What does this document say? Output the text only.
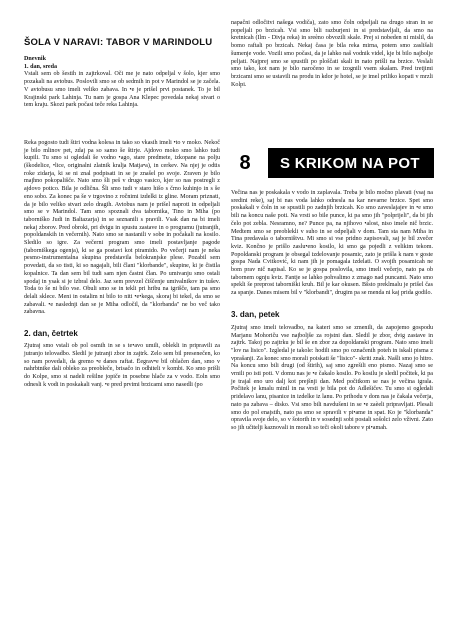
ŠOLA V NARAVI: TABOR V MARINDOLU

Dnevnik

1. dan, sreda

Vstali sem ob šestih in zajtrkoval. Oči me je nato odpeljal v šolo, kjer smo pozakali na avtobus. Poslovili smo se ob sedmih in pot v Marindol se je začela. V avtobusu smo imeli veliko zabava. In •e je prišel prvi postanek. To je bil Krajinski park Lahinja. Tu nam je gospa Ana Klepec povedala nekaj stvari o tem kraju. Skozi park počasi teče reka Lahinja.

Reka pogosto tudi štiri vodna kolesa in tako so vkasih imeli •to v moko. Nekoč je bilo mlinov pet, zdaj pa so samo še štirje. Ajdovo moko smo lahko tudi kupili. Tu smo si ogledali še vodno •ago, stare predmete, izkopane na polju (škodelice, •lice, originalni zlatnik kralja Matja•a), in cerkev. Na njej je odtis roke zidarja, ki se ni znal podpisati in se je znašel po svoje. Zraven je bilo majhno pokopališče. Nato smo šli peš v drugo vasico, kjer so nas postregli z ajdovo potico. Bila je odlična. Šli smo tudi v staro hišo s črno kuhinjo in s še eno sobo. Za konec pa še v trgovino z ročnimi izdelki iz gline. Moram priznati, da je bilo veliko stvari zelo dragih. Avtobus nam je prišel naproti in odpeljali smo se v Marindol. Tam smo spoznali dva tabornika, Tino in Miha (po taborniško Judi in Baltazarja) in se seznanili s pravili. Vsak dan na bi imeli nekaj zborov. Pred obroki, pri dvigu in spustu zastave in o programu (jutranjih, popoldanskih in večernih). Nato smo se nastanili v sobe in počakali na kosilo. Sledilo so igre. Za večerni program smo imeli postavljanje pagode (taborniškega ogenja), ki se ga postavi kot piramido. Po večerji nam je neka pesmo-instrumentalna skupina predstavila belokranjske plese. Pozabil sem povedati, da so tisti, ki so nagajali, bili člani "klorbande", skupine, ki je čistila kopalnice. Ta dan sem bil tudi sam njen častni član. Po umivanju smo ostali spodaj in ysak si je izbral delo. Jaz sem prevzel čiščenje umivalnikov in tušev. Toda to še ni bilo vse. Obuli smo se in tekli pri hribu na igrišče, tam pa smo delali sklece. Meni in ostalim ni bilo to niti •e•kega, skoraj bi tekel, da smo se zabavali. •e naslednji dan se je Miha odločil, da "klorbanda" ne bo več tako zabavna.

2. dan, četrtek

Zjutraj smo vstali ob pol osmih in se s te•avo umili, oblekli in pripravili za jutranjo telovadbo. Sledil je jutranji zbor in zajtrk. Zelo sem bil presenečen, ko so nam povedali, da gremo •e danes raftat. Ёegrav•e bil oblačen dan, smo v nahrbtnike dali obleko za preobleče, brisačo in odhiteli v kombi. Ko smo prišli do Kolpe, smo si nadeli rešilne jopiče in posebne hlače za v vodo. Eoln smo odnesli k vodi in poskakali vanj. •e pred prvimi brzicami smo nasedli (po

napačni odločitvi našega vodiča), zato smo čoln odpeljali na drugo stran in se popeljali po brzicah. Vsi smo bili razburjeni in si predstavljali, da smo na kretnicah (Ilm - Divja reka) in sreèno obvozili skale. Prej si nobeden ni mislil, da bomo raftali po brzicah. Nekaj časa je bila reka mirna, potem smo zaslišali šumenje vode. Vozili smo počasi, da je lahko naš vodnik videl, kje bi bilo najbolje peljati. Najprej smo se spustili po ploščati skali in nato prišli na brzice. Veslali smo tako, kot nam je bilo naročeno in se izognili vsem skalam. Pred tretjimi brzicami smo se ustavili na produ in kdor je hotel, se je imel priliko kopati v mrzli Kolpi.

S KRIKOM NA POT
8

Večina nas je poskakala v vodo in zaplavala. Treba je bilo močno plavati (vsaj na sredini reke), saj bi nas voda lahko odnesla na kar nevarne brzice. Spet smo poskakali v čoln in se spustili po zadnjih brzicah. Ko smo zaveslajajev in •e smo bili na koncu naše poti. Na vrsti so bile punce, ki pa smo jih "polprijeli", da bi jih čelo pot zebla. Nesramno, ne? Punce pa, na njihovo •alost, niso imele nič brzic. Medtem smo se preoblekli v suho in se odpeljali v dom. Tam sta nam Miha in Tina predavala o taborništvu. Mi smo si vse pridno zapisovali, saj je bil zvečer kviz. Končno je prišlo zaslu•eno kosilo, ki smo ga pojedli z velikim tekom. Popoldanski program je obsegal izdelovanje posamic, zato je prišla k nam v goste gospa Nada Cvitković, ki nam jih je pomagala izdelati. O svojih posamicah ne bom prav nič napisal. Ko se je gospa poslovila, smo imeli večerjo, nato pa ob tabornem ognju kviz. Fantje se lahko pohvalimo z zmago nad puncami. Nato smo spekli še preprost taborniški kruh. Bil je kar okusen. Bšsto preklmalu je prišel čas za spanje. Danes misem bil v "klorbandi", drugim pa se menda ni kaj prida godilo.

3. dan, petek

Zjutraj smo imeli telovadbo, na kateri smo se zmenili, da zapojemo gospodu Marjanu Mohoriču vse najboljše za rojstni dan. Sledil je zbor, dvig zastave in zajtrk. Takoj po zajtrku je bil še en zbor za dopoldanski program. Nato smo imeli "lov na lisico". Izgledal je takole: hodili smo po označenih poteh in iskali pisma z vprašanji. Za konec smo morali poiskati še "lisico"- skriti znak. Našli smo jo hitro. Na koncu smo bili drugi (od štirih), saj smo zgrešili eno pismo. Nazaj smo se vrnili po isti poti. V domu nas je •e čakalo kosilo. Po kosilu je sledil počitek, ki pa je trajal eno uro dalj kot prejšnji dan. Med počitkom se nas je večina igrala. Počitek je kmalu minil in na vrsti je bila pot do Adlešičev. Tu smo si ogledali pridelavo lanu, pisanice in izdelke iz lanu. Po prihodu v dom nas je čakala večerja, nato pa zabava – disko. Vsi smo bili navdušeni in se •e zaèeli pripravljati. Plesali smo do pol enajstih, nato pa smo se spravili v pi•ame in spat. Ko je "klorbanda" opravila svoje delo, so v šotorih in v sosednji sobi postali sošolci zelo vživni. Zato so jih učitelji kaznovali in morali so teči okoli tabore v pi•amah.
